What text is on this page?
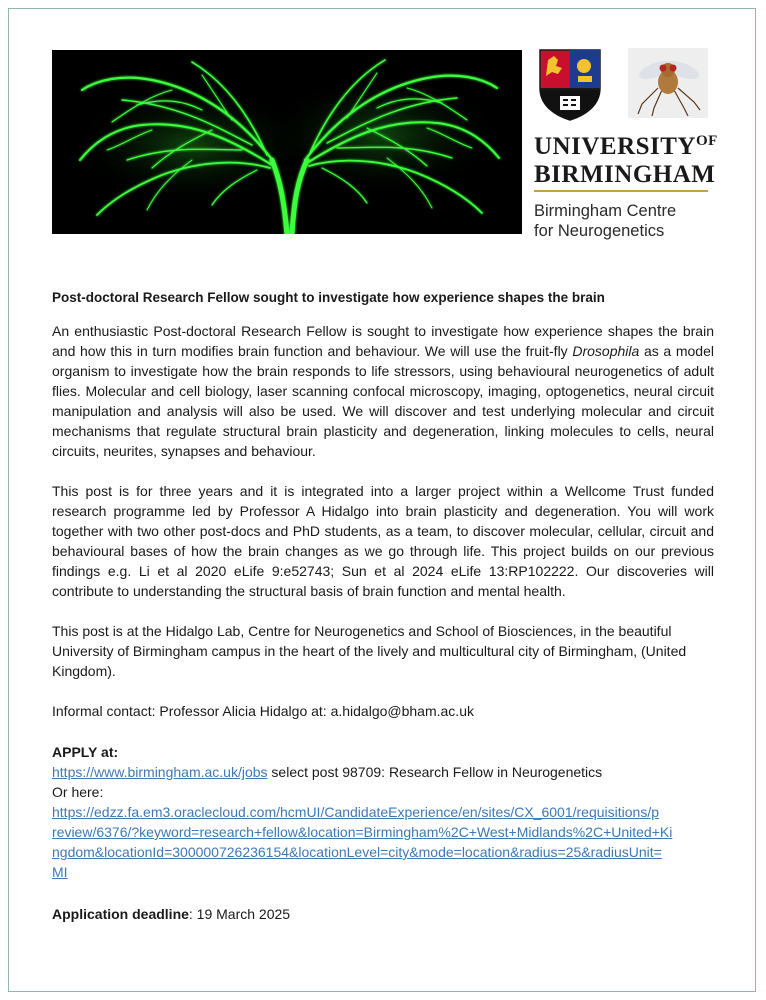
$UNIVERSITY^{OF}$
BIRMINGHAM
Birmingham Centre
for Neurogenetics
Post-doctoral Research Fellow sought to investigate how experience shapes the brain

An enthusiastic Post-doctoral Research Fellow is sought to investigate how experience shapes the brain and how this in turn modifies brain function and behaviour. We will use the fruit-fly Drosophila as a model organism to investigate how the brain responds to life stressors, using behavioural neurogenetics of adult flies. Molecular and cell biology, laser scanning confocal microscopy, imaging, optogenetics, neural circuit manipulation and analysis will also be used. We will discover and test underlying molecular and circuit mechanisms that regulate structural brain plasticity and degeneration, linking molecules to cells, neural circuits, neurites, synapses and behaviour.

This post is for three years and it is integrated into a larger project within a Wellcome Trust funded research programme led by Professor A Hidalgo into brain plasticity and degeneration. You will work together with two other post-docs and PhD students, as a team, to discover molecular, cellular, circuit and behavioural bases of how the brain changes as we go through life. This project builds on our previous findings e.g. Li et al 2020 eLife 9:e52743; Sun et al 2024 eLife 13:RP102222. Our discoveries will contribute to understanding the structural basis of brain function and mental health.

This post is at the Hidalgo Lab, Centre for Neurogenetics and School of Biosciences, in the beautiful University of Birmingham campus in the heart of the lively and multicultural city of Birmingham, (United Kingdom).

Informal contact: Professor Alicia Hidalgo at: a.hidalgo@bham.ac.uk

APPLY at:

https://www.birmingham.ac.uk/jobs select post 98709: Research Fellow in Neurogenetics

Or here:

https://edzz.fa.em3.oraclecloud.com/hcmUI/CandidateExperience/en/sites/CX_6001/requisitions/p
review/6376/?keyword=research+fellow&location=Birmingham%2C+West+Midlands%2C+United+Ki
ngdom&locationId=300000726236154&locationLevel=city&mode=location&radius=25&radiusUnit=
MI

Application deadline: 19 March 2025
